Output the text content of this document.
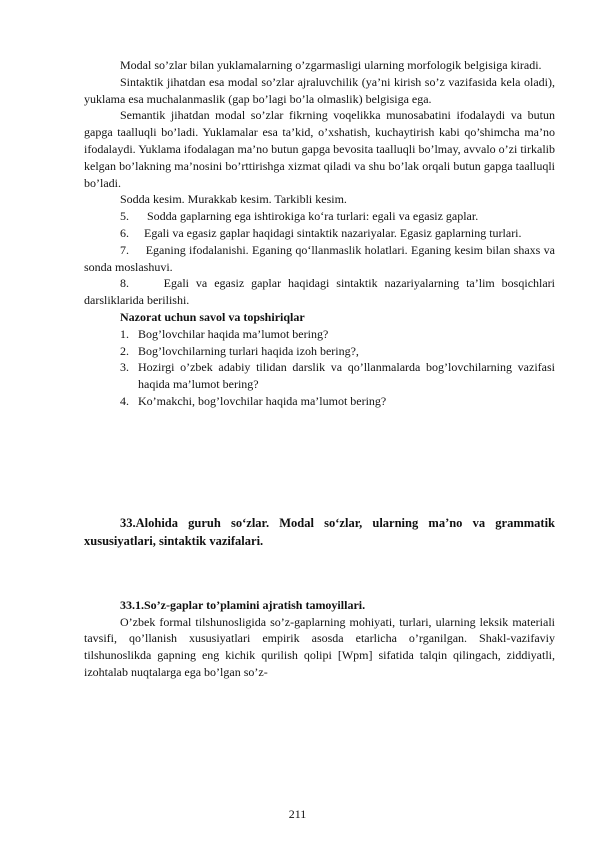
Modal so’zlar bilan yuklamalarning o’zgarmasligi ularning morfologik belgisiga kiradi.

Sintaktik jihatdan esa modal so’zlar ajraluvchilik (ya’ni kirish so’z vazifasida kela oladi), yuklama esa muchalanmaslik (gap bo’lagi bo’la olmaslik) belgisiga ega.

Semantik jihatdan modal so’zlar fikrning voqelikka munosabatini ifodalaydi va butun gapga taalluqli bo’ladi. Yuklamalar esa ta’kid, o’xshatish, kuchaytirish kabi qo’shimcha ma’no ifodalaydi. Yuklama ifodalagan ma’no butun gapga bevosita taalluqli bo’lmay, avvalo o’zi tirkalib kelgan bo’lakning ma’nosini bo’rttirishga xizmat qiladi va shu bo’lak orqali butun gapga taalluqli bo’ladi.

Sodda kesim. Murakkab kesim. Tarkibli kesim.

5.      Sodda gaplarning ega ishtirokiga ko‘ra turlari: egali va egasiz gaplar.

6. Egali va egasiz gaplar haqidagi sintaktik nazariyalar. Egasiz gaplarning turlari.

7. Eganing ifodalanishi. Eganing qo‘llanmaslik holatlari. Eganing kesim bilan shaxs va sonda moslashuvi.

8.	Egali va egasiz gaplar haqidagi sintaktik nazariyalarning ta’lim bosqichlari darsliklarida berilishi.

Nazorat uchun savol va topshiriqlar

1. Bog’lovchilar haqida ma’lumot bering?
2. Bog’lovchilarning turlari haqida izoh bering?,
3. Hozirgi o’zbek adabiy tilidan darslik va qo’llanmalarda bog’lovchilarning vazifasi haqida ma’lumot bering?
4. Ko’makchi, bog’lovchilar haqida ma’lumot bering?

33.Alohida guruh so‘zlar. Modal so‘zlar, ularning ma’no va grammatik xususiyatlari, sintaktik vazifalari.

33.1.So’z-gaplar to’plamini ajratish tamoyillari.

O’zbek formal tilshunosligida so’z-gaplarning mohiyati, turlari, ularning leksik materiali tavsifi, qo’llanish xususiyatlari empirik asosda etarlicha o’rganilgan. Shakl-vazifaviy tilshunoslikda gapning eng kichik qurilish qolipi [Wpm] sifatida talqin qilingach, ziddiyatli, izohtalab nuqtalarga ega bo’lgan so’z-

211
